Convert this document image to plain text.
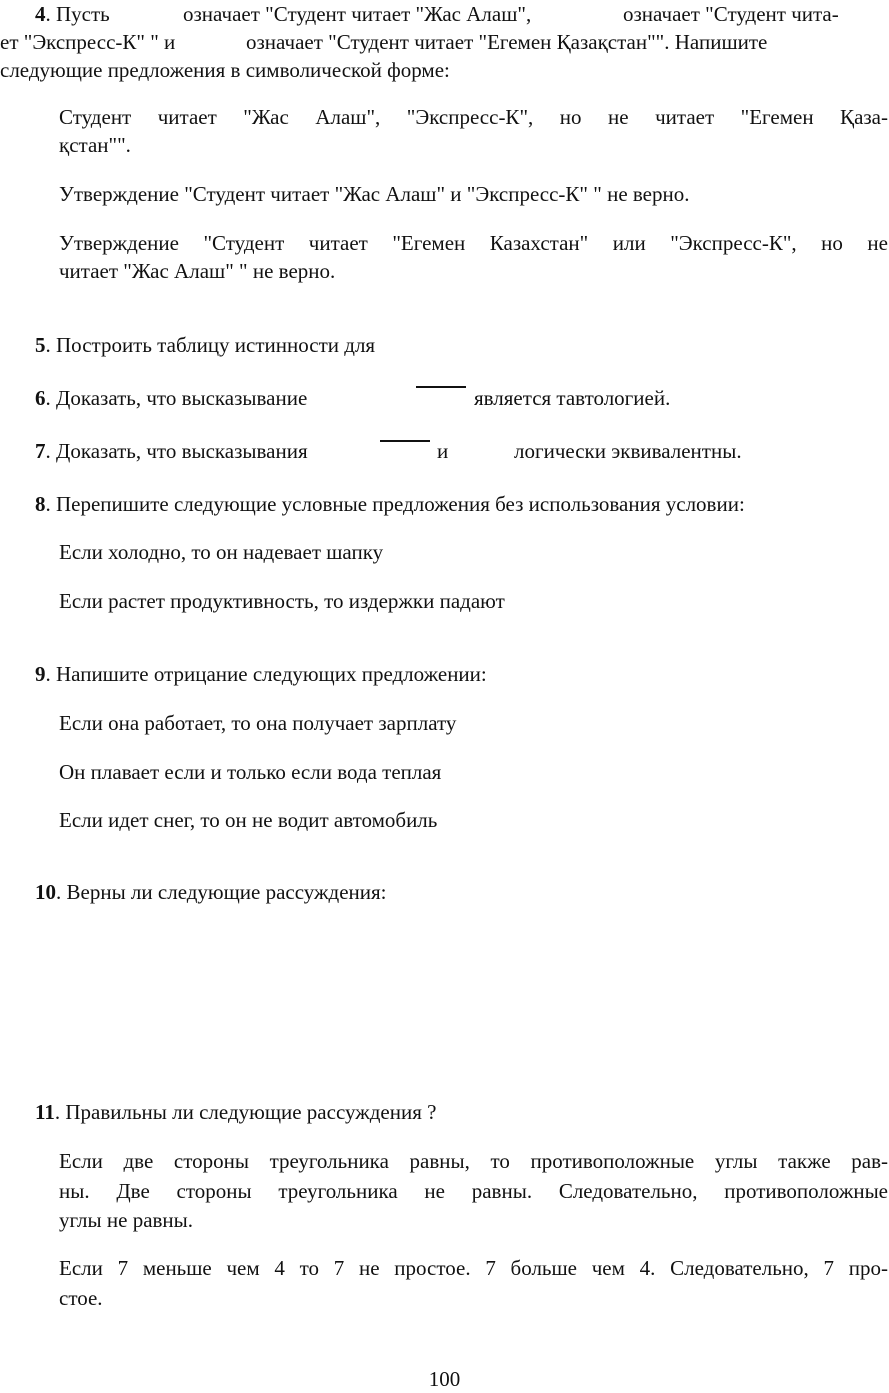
4. Пусть	означает "Студент читает "Жас Алаш",	означает "Студент чита-
ет "Экспресс-К" " и	означает "Студент читает "Егемен Қазақстан"". Напишите
следующие предложения в символической форме:
Студент читает "Жас Алаш", "Экспресс-К", но не читает "Егемен Қаза-
қстан"".
Утверждение "Студент читает "Жас Алаш" и "Экспресс-К" " не верно.
Утверждение "Студент читает "Егемен Казахстан" или "Экспресс-К", но не
читает "Жас Алаш" " не верно.
5. Построить таблицу истинности для
6. Доказать, что высказывание	является тавтологией.
7. Доказать, что высказывания	и	логически эквивалентны.
8. Перепишите следующие условные предложения без использования условии:
Если холодно, то он надевает шапку
Если растет продуктивность, то издержки падают
9. Напишите отрицание следующих предложении:
Если она работает, то она получает зарплату
Он плавает если и только если вода теплая
Если идет снег, то он не водит автомобиль
10. Верны ли следующие рассуждения:
11. Правильны ли следующие рассуждения ?
Если две стороны треугольника равны, то противоположные углы также рав-
ны. Две стороны треугольника не равны. Следовательно, противоположные
углы не равны.
Если 7 меньше чем 4 то 7 не простое. 7 больше чем 4. Следовательно, 7 про-
стое.
100
